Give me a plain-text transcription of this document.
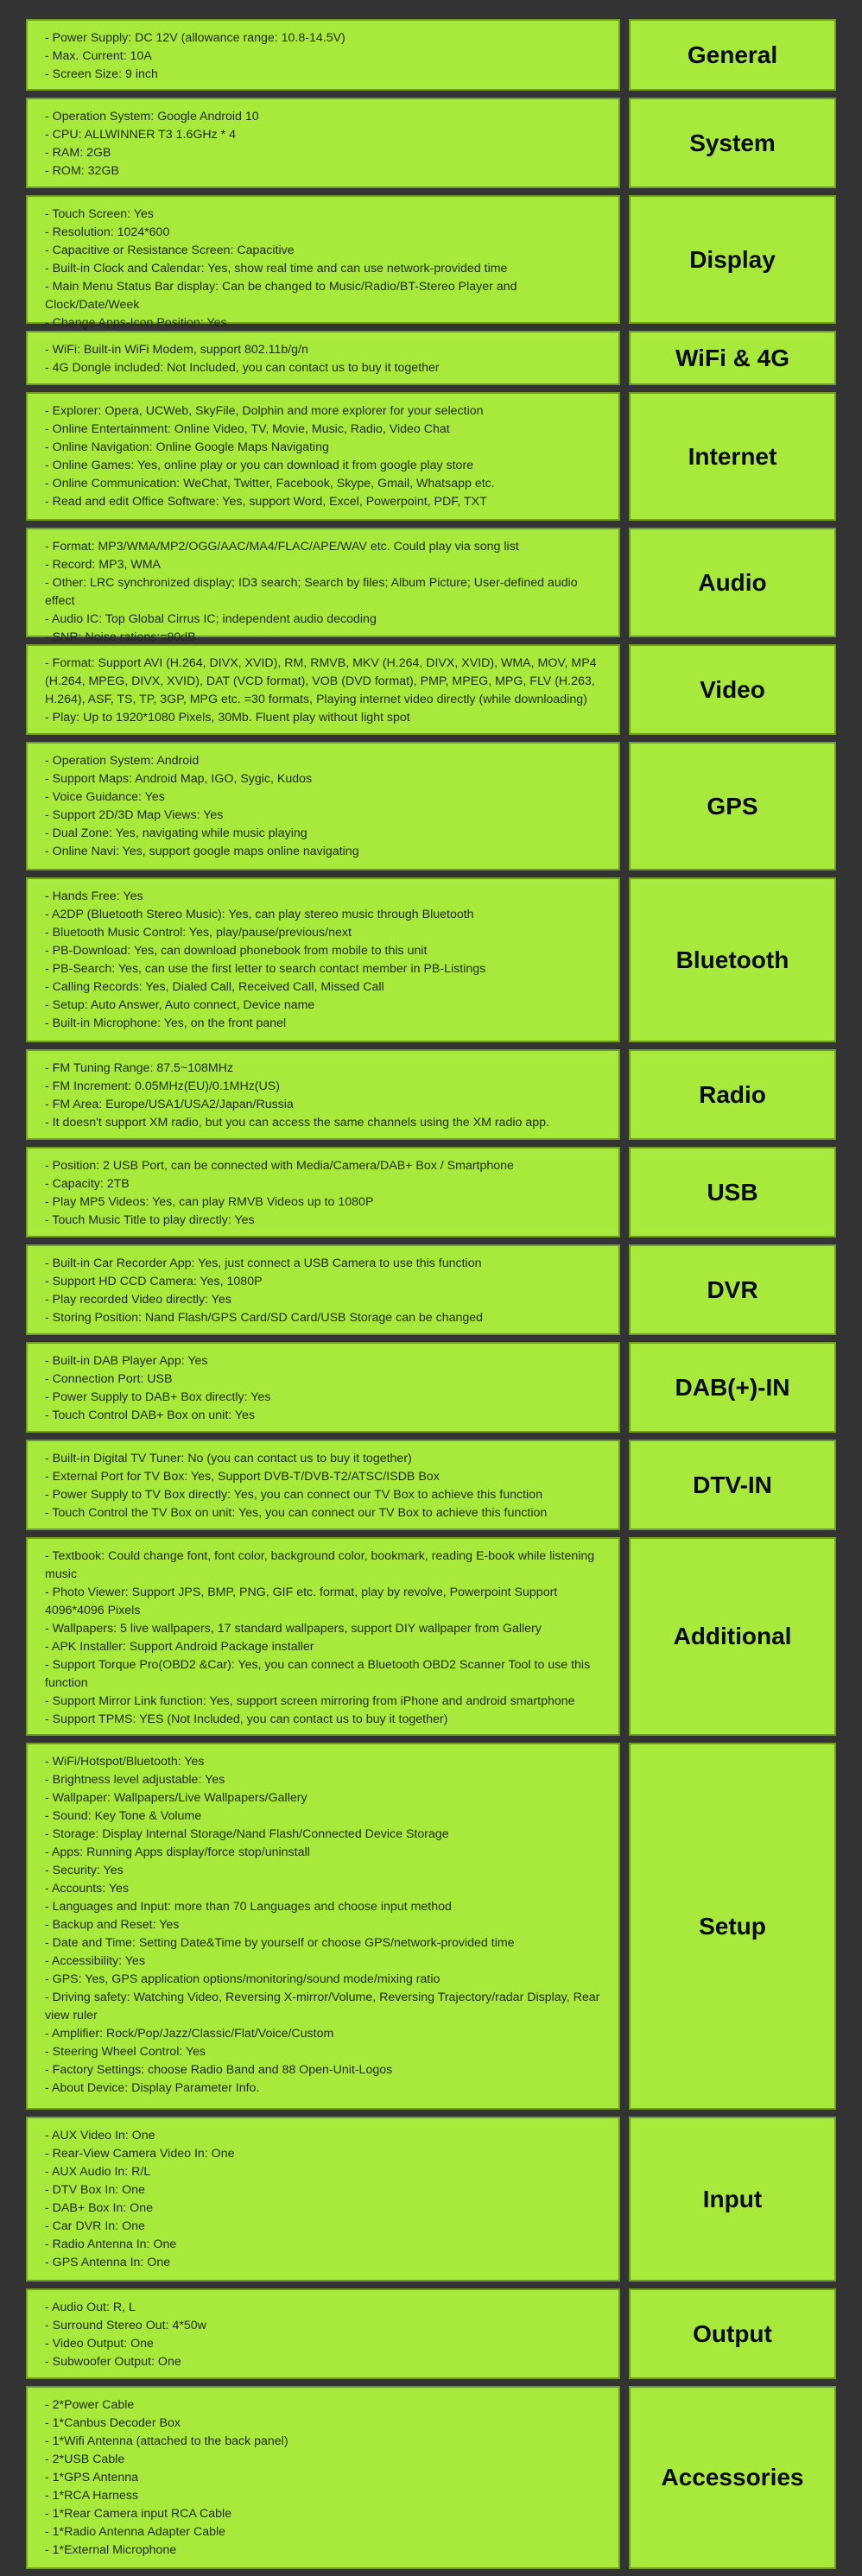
- Power Supply: DC 12V (allowance range: 10.8-14.5V)
- Max. Current: 10A
- Screen Size: 9 inch
General
- Operation System: Google Android 10
- CPU: ALLWINNER T3 1.6GHz * 4
- RAM: 2GB
- ROM: 32GB
System
- Touch Screen: Yes
- Resolution: 1024*600
- Capacitive or Resistance Screen: Capacitive
- Built-in Clock and Calendar: Yes, show real time and can use network-provided time
- Main Menu Status Bar display: Can be changed to Music/Radio/BT-Stereo Player and Clock/Date/Week
- Change Apps-Icon Position: Yes
Display
- WiFi: Built-in WiFi Modem, support 802.11b/g/n
- 4G Dongle included: Not Included, you can contact us to buy it together	WiFi & 4G
- Explorer: Opera, UCWeb, SkyFile, Dolphin and more explorer for your selection
- Online Entertainment: Online Video, TV, Movie, Music, Radio, Video Chat
- Online Navigation: Online Google Maps Navigating
- Online Games: Yes, online play or you can download it from google play store
- Online Communication: WeChat, Twitter, Facebook, Skype, Gmail, Whatsapp etc.
- Read and edit Office Software: Yes, support Word, Excel, Powerpoint, PDF, TXT
Internet
- Format: MP3/WMA/MP2/OGG/AAC/MA4/FLAC/APE/WAV etc. Could play via song list
- Record: MP3, WMA
- Other: LRC synchronized display; ID3 search; Search by files; Album Picture; User-defined audio effect
- Audio IC: Top Global Cirrus IC; independent audio decoding
- SNR: Noise rations:=90dB
Audio
- Format: Support AVI (H.264, DIVX, XVID), RM, RMVB, MKV (H.264, DIVX, XVID), WMA, MOV, MP4 (H.264, MPEG, DIVX, XVID), DAT (VCD format), VOB (DVD format), PMP, MPEG, MPG, FLV (H.263, H.264), ASF, TS, TP, 3GP, MPG etc. =30 formats, Playing internet video directly (while downloading)
- Play: Up to 1920*1080 Pixels, 30Mb. Fluent play without light spot
Video
- Operation System: Android
- Support Maps: Android Map, IGO, Sygic, Kudos
- Voice Guidance: Yes
- Support 2D/3D Map Views: Yes
- Dual Zone: Yes, navigating while music playing
- Online Navi: Yes, support google maps online navigating
GPS
- Hands Free: Yes
- A2DP (Bluetooth Stereo Music): Yes, can play stereo music through Bluetooth
- Bluetooth Music Control: Yes, play/pause/previous/next
- PB-Download: Yes, can download phonebook from mobile to this unit
- PB-Search: Yes, can use the first letter to search contact member in PB-Listings
- Calling Records: Yes, Dialed Call, Received Call, Missed Call
- Setup: Auto Answer, Auto connect, Device name
- Built-in Microphone: Yes, on the front panel
Bluetooth
- FM Tuning Range: 87.5~108MHz
- FM Increment: 0.05MHz(EU)/0.1MHz(US)
- FM Area: Europe/USA1/USA2/Japan/Russia
- It doesn't support XM radio, but you can access the same channels using the XM radio app.
Radio
- Position: 2 USB Port, can be connected with Media/Camera/DAB+ Box / Smartphone
- Capacity: 2TB
- Play MP5 Videos: Yes, can play RMVB Videos up to 1080P
- Touch Music Title to play directly: Yes
USB
- Built-in Car Recorder App: Yes, just connect a USB Camera to use this function
- Support HD CCD Camera: Yes, 1080P
- Play recorded Video directly: Yes
- Storing Position: Nand Flash/GPS Card/SD Card/USB Storage can be changed
DVR
- Built-in DAB Player App: Yes
- Connection Port: USB
- Power Supply to DAB+ Box directly: Yes
- Touch Control DAB+ Box on unit: Yes
DAB(+)-IN
- Built-in Digital TV Tuner: No (you can contact us to buy it together)
- External Port for TV Box: Yes, Support DVB-T/DVB-T2/ATSC/ISDB Box
- Power Supply to TV Box directly: Yes, you can connect our TV Box to achieve this function
- Touch Control the TV Box on unit: Yes, you can connect our TV Box to achieve this function
DTV-IN
- Textbook: Could change font, font color, background color, bookmark, reading E-book while listening music
- Photo Viewer: Support JPS, BMP, PNG, GIF etc. format, play by revolve, Powerpoint Support 4096*4096 Pixels
- Wallpapers: 5 live wallpapers, 17 standard wallpapers, support DIY wallpaper from Gallery
- APK Installer: Support Android Package installer
- Support Torque Pro(OBD2 &Car): Yes, you can connect a Bluetooth OBD2 Scanner Tool to use this function
- Support Mirror Link function: Yes, support screen mirroring from iPhone and android smartphone
- Support TPMS: YES (Not Included, you can contact us to buy it together)
Additional
- WiFi/Hotspot/Bluetooth: Yes
- Brightness level adjustable: Yes
- Wallpaper: Wallpapers/Live Wallpapers/Gallery
- Sound: Key Tone & Volume
- Storage: Display Internal Storage/Nand Flash/Connected Device Storage
- Apps: Running Apps display/force stop/uninstall
- Security: Yes
- Accounts: Yes
- Languages and Input: more than 70 Languages and choose input method
- Backup and Reset: Yes
- Date and Time: Setting Date&Time by yourself or choose GPS/network-provided time
- Accessibility: Yes
- GPS: Yes, GPS application options/monitoring/sound mode/mixing ratio
- Driving safety: Watching Video, Reversing X-mirror/Volume, Reversing Trajectory/radar Display, Rear view ruler
- Amplifier: Rock/Pop/Jazz/Classic/Flat/Voice/Custom
- Steering Wheel Control: Yes
- Factory Settings: choose Radio Band and 88 Open-Unit-Logos
- About Device: Display Parameter Info.
Setup
- AUX Video In: One
- Rear-View Camera Video In: One
- AUX Audio In: R/L
- DTV Box In: One
- DAB+ Box In: One
- Car DVR In: One
- Radio Antenna In: One
- GPS Antenna In: One
Input
- Audio Out: R, L
- Surround Stereo Out: 4*50w
- Video Output: One
- Subwoofer Output: One
Output
- 2*Power Cable
- 1*Canbus Decoder Box
- 1*Wifi Antenna (attached to the back panel)
- 2*USB Cable
- 1*GPS Antenna
- 1*RCA Harness
- 1*Rear Camera input RCA Cable
- 1*Radio Antenna Adapter Cable
- 1*External Microphone
Accessories
